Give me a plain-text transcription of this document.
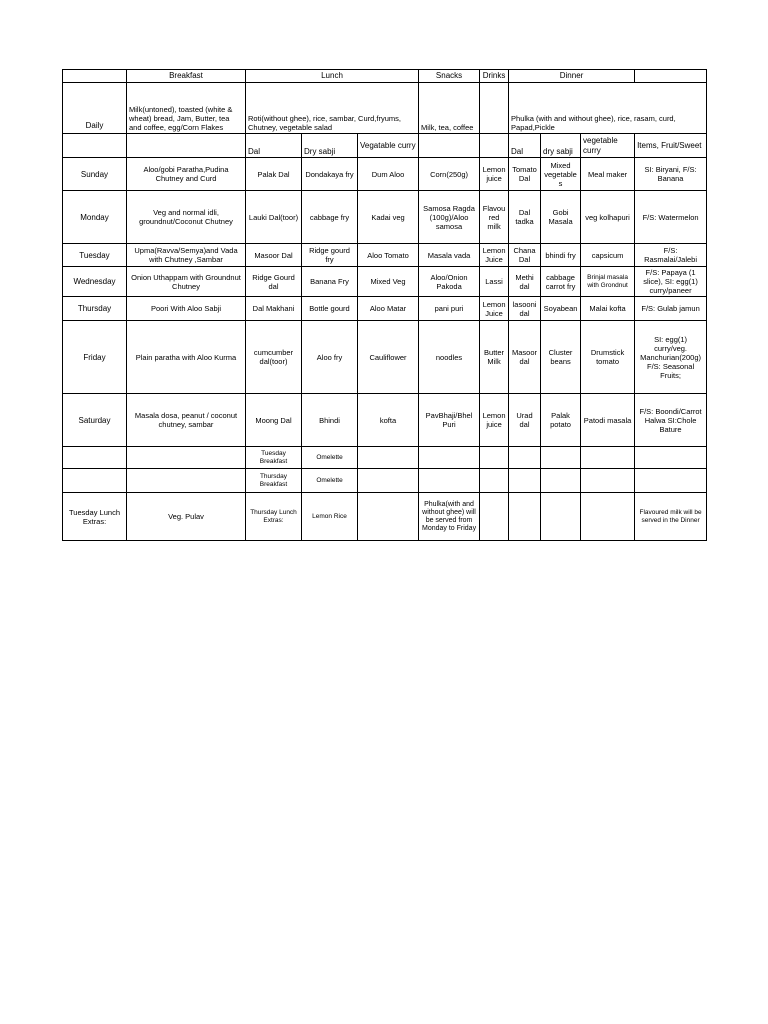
	Breakfast	Lunch			Snacks	Drinks	Dinner			
Daily	Milk(untoned), toasted (white & wheat) bread, Jam, Butter, tea and coffee, egg/Corn Flakes	Roti(without ghee), rice, sambar, Curd,fryums, Chutney, vegetable salad			Milk, tea, coffee		Phulka (with and without ghee), rice, rasam, curd, Papad,Pickle			
		Dal	Dry sabji	Vegatable curry			Dal	dry sabji	vegetable curry	Items, Fruit/Sweet
Sunday	Aloo/gobi Paratha,Pudina Chutney and Curd	Palak Dal	Dondakaya fry	Dum Aloo	Corn(250g)	Lemon juice	Tomato Dal	Mixed vegetables	Meal maker	SI: Biryani, F/S: Banana
Monday	Veg and normal idli, groundnut/Coconut Chutney	Lauki Dal(toor)	cabbage fry	Kadai veg	Samosa Ragda (100g)/Aloo samosa	Flavoured milk	Dal tadka	Gobi Masala	veg kolhapuri	F/S: Watermelon
Tuesday	Upma(Ravva/Semya)and Vada with Chutney ,Sambar	Masoor Dal	Ridge gourd fry	Aloo Tomato	Masala vada	Lemon Juice	Chana Dal	bhindi fry	capsicum	F/S: Rasmalai/Jalebi
Wednesday	Onion Uthappam with Groundnut Chutney	Ridge Gourd dal	Banana Fry	Mixed Veg	Aloo/Onion Pakoda	Lassi	Methi dal	cabbage carrot fry	Brinjal masala with Grondnut	F/S: Papaya (1 slice), SI: egg(1) curry/paneer
Thursday	Poori With Aloo Sabji	Dal Makhani	Bottle gourd	Aloo Matar	pani puri	Lemon Juice	lasooni dal	Soyabean	Malai kofta	F/S: Gulab jamun
Friday	Plain paratha with Aloo Kurma	cumcumber dal(toor)	Aloo fry	Cauliflower	noodles	Butter Milk	Masoor dal	Cluster beans	Drumstick tomato	SI: egg(1) curry/veg. Manchurian(200g) F/S: Seasonal Fruits;
Saturday	Masala dosa, peanut / coconut chutney, sambar	Moong Dal	Bhindi	kofta	PavBhaji/Bhel Puri	Lemon juice	Urad dal	Palak potato	Patodi masala	F/S: Boondi/Carrot Halwa SI:Chole Bature
		Tuesday Breakfast	Omelette							
		Thursday Breakfast	Omelette							
Tuesday Lunch Extras:	Veg. Pulav	Thursday Lunch Extras:	Lemon Rice		Phulka(with and without ghee) will be served from Monday to Friday					Flavoured milk will be served in the Dinner
